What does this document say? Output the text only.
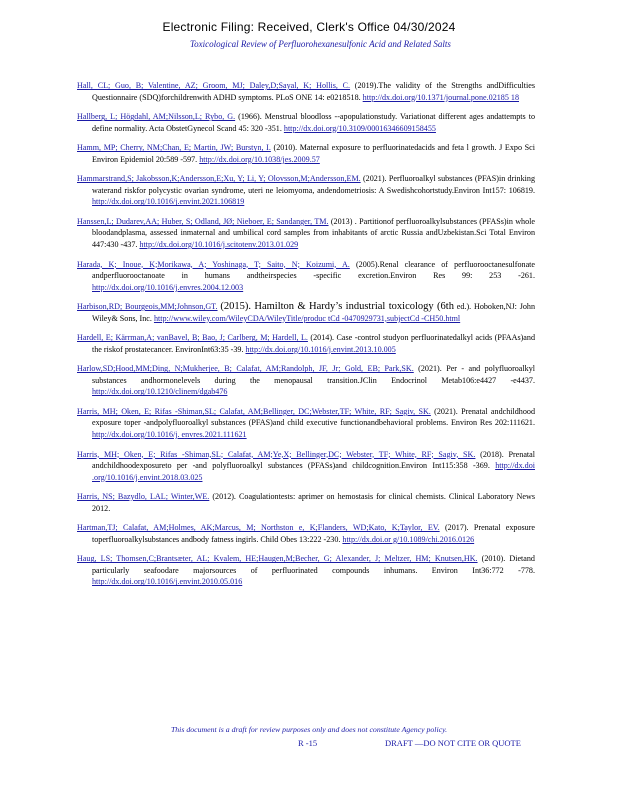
Electronic Filing: Received, Clerk's Office 04/30/2024
Toxicological Review of Perfluorohexanesulfonic Acid and Related Salts

Hall, CL; Guo, B; Valentine, AZ; Groom, MJ; Daley,D;Sayal, K; Hollis, C. (2019).The validity of the Strengths andDifficulties Questionnaire (SDQ)forchildrenwith ADHD symptoms. PLoS ONE 14: e0218518. http://dx.doi.org/10.1371/journal.pone.02185 18

Hallberg, L; Högdahl, AM;Nilsson,L; Rybo, G. (1966). Menstrual bloodloss --apopulationstudy. Variationat different ages andattempts to define normality. Acta ObstetGynecol Scand 45: 320 -351. http://dx.doi.org/10.3109/00016346609158455

Hamm, MP; Cherry, NM;Chan, E; Martin, JW; Burstyn, I. (2010). Maternal exposure to perfluorinatedacids and feta l growth. J Expo Sci Environ Epidemiol 20:589 -597. http://dx.doi.org/10.1038/jes.2009.57

Hammarstrand,S; Jakobsson,K;Andersson,E;Xu, Y; Li, Y; Olovsson,M;Andersson,EM. (2021). Perfluoroalkyl substances (PFAS)in drinking waterand riskfor polycystic ovarian syndrome, uteri ne leiomyoma, andendometriosis: A Swedishcohortstudy.Environ Int157: 106819. http://dx.doi.org/10.1016/j.envint.2021.106819

Hanssen,L; Dudarev,AA; Huber, S; Odland, JØ; Nieboer, E; Sandanger, TM. (2013) . Partitionof perfluoroalkylsubstances (PFASs)in whole bloodandplasma, assessed inmaternal and umbilical cord samples from inhabitants of arctic Russia andUzbekistan.Sci Total Environ 447:430 -437. http://dx.doi.org/10.1016/j.scitotenv.2013.01.029

Harada, K; Inoue, K;Morikawa, A; Yoshinaga, T; Saito, N; Koizumi, A. (2005).Renal clearance of perfluorooctanesulfonate andperfluorooctanoate in humans andtheirspecies -specific excretion.Environ Res 99: 253 -261. http://dx.doi.org/10.1016/j.envres.2004.12.003

Harbison,RD; Bourgeois,MM;Johnson,GT. (2015). Hamilton & Hardy’s industrial toxicology (6th ed.). Hoboken,NJ: John Wiley& Sons, Inc. http://www.wiley.com/WileyCDA/WileyTitle/produc tCd -0470929731,subjectCd -CH50.html

Hardell, E; Kärrman,A; vanBavel, B; Bao, J; Carlberg, M; Hardell, L. (2014). Case -control studyon perfluorinatedalkyl acids (PFAAs)and the riskof prostatecancer. EnvironInt63:35 -39. http://dx.doi.org/10.1016/j.envint.2013.10.005

Harlow,SD;Hood,MM;Ding, N;Mukherjee, B; Calafat, AM;Randolph, JF, Jr; Gold, EB; Park,SK. (2021). Per - and polyfluoroalkyl substances andhormonelevels during the menopausal transition.JClin Endocrinol Metab106:e4427 -e4437. http://dx.doi.org/10.1210/clinem/dgab476

Harris, MH; Oken, E; Rifas -Shiman,SL; Calafat, AM;Bellinger, DC;Webster,TF; White, RF; Sagiv, SK. (2021). Prenatal andchildhood exposure toper -andpolyfluoroalkyl substances (PFAS)and child executive functionandbehavioral problems. Environ Res 202:111621. http://dx.doi.org/10.1016/j. envres.2021.111621

Harris, MH; Oken, E; Rifas -Shiman,SL; Calafat, AM;Ye,X; Bellinger,DC; Webster, TF; White, RF; Sagiv, SK. (2018). Prenatal andchildhoodexposureto per -and polyfluoroalkyl substances (PFASs)and childcognition.Environ Int115:358 -369. http://dx.doi .org/10.1016/j.envint.2018.03.025

Harris, NS; Bazydlo, LAL; Winter,WE. (2012). Coagulationtests: aprimer on hemostasis for clinical chemists. Clinical Laboratory News 2012.

Hartman,TJ; Calafat, AM;Holmes, AK;Marcus, M; Northston e, K;Flanders, WD;Kato, K;Taylor, EV. (2017). Prenatal exposure toperfluoroalkylsubstances andbody fatness ingirls. Child Obes 13:222 -230. http://dx.doi.or g/10.1089/chi.2016.0126

Haug, LS; Thomsen,C;Brantsæter, AL; Kvalem, HE;Haugen,M;Becher, G; Alexander, J; Meltzer, HM; Knutsen,HK. (2010). Dietand particularly seafoodare majorsources of perfluorinated compounds inhumans. Environ Int36:772 -778. http://dx.doi.org/10.1016/j.envint.2010.05.016

This document is a draft for review purposes only and does not constitute Agency policy.
R -15	DRAFT —DO NOT CITE OR QUOTE
